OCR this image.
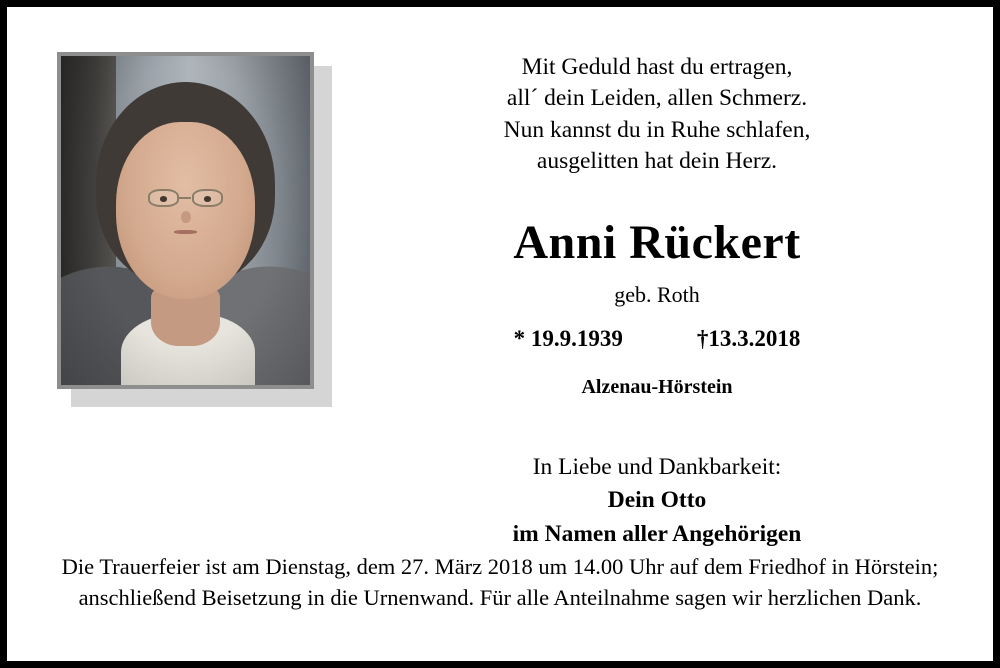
Mit Geduld hast du ertragen,
all´ dein Leiden, allen Schmerz.
Nun kannst du in Ruhe schlafen,
ausgelitten hat dein Herz.
Anni Rückert
geb. Roth
* 19.9.1939	†13.3.2018
Alzenau-Hörstein
In Liebe und Dankbarkeit:
Dein Otto
im Namen aller Angehörigen
Die Trauerfeier ist am Dienstag, dem 27. März 2018 um 14.00 Uhr auf dem Friedhof in Hörstein;
anschließend Beisetzung in die Urnenwand. Für alle Anteilnahme sagen wir herzlichen Dank.
